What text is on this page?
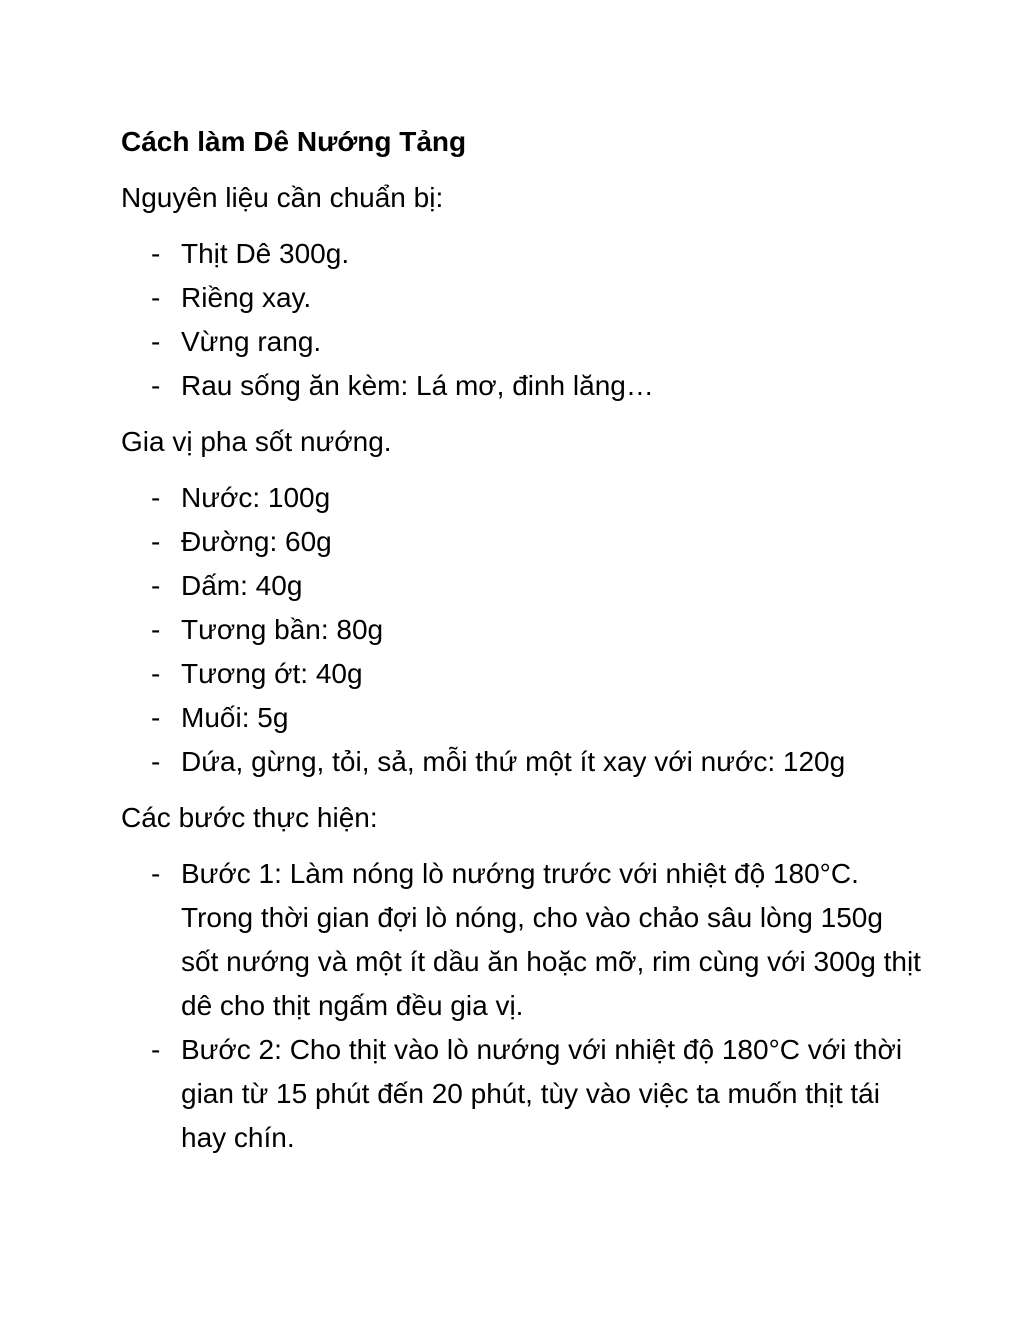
Cách làm Dê Nướng Tảng
Nguyên liệu cần chuẩn bị:
- Thịt Dê 300g.
- Riềng xay.
- Vừng rang.
- Rau sống ăn kèm: Lá mơ, đinh lăng…
Gia vị pha sốt nướng.
- Nước: 100g
- Đường: 60g
- Dấm: 40g
- Tương bần: 80g
- Tương ớt: 40g
- Muối: 5g
- Dứa, gừng, tỏi, sả, mỗi thứ một ít xay với nước: 120g
Các bước thực hiện:
- Bước 1: Làm nóng lò nướng trước với nhiệt độ 180°C. Trong thời gian đợi lò nóng, cho vào chảo sâu lòng 150g sốt nướng và một ít dầu ăn hoặc mỡ, rim cùng với 300g thịt dê cho thịt ngấm đều gia vị.
- Bước 2: Cho thịt vào lò nướng với nhiệt độ 180°C với thời gian từ 15 phút đến 20 phút, tùy vào việc ta muốn thịt tái hay chín.
